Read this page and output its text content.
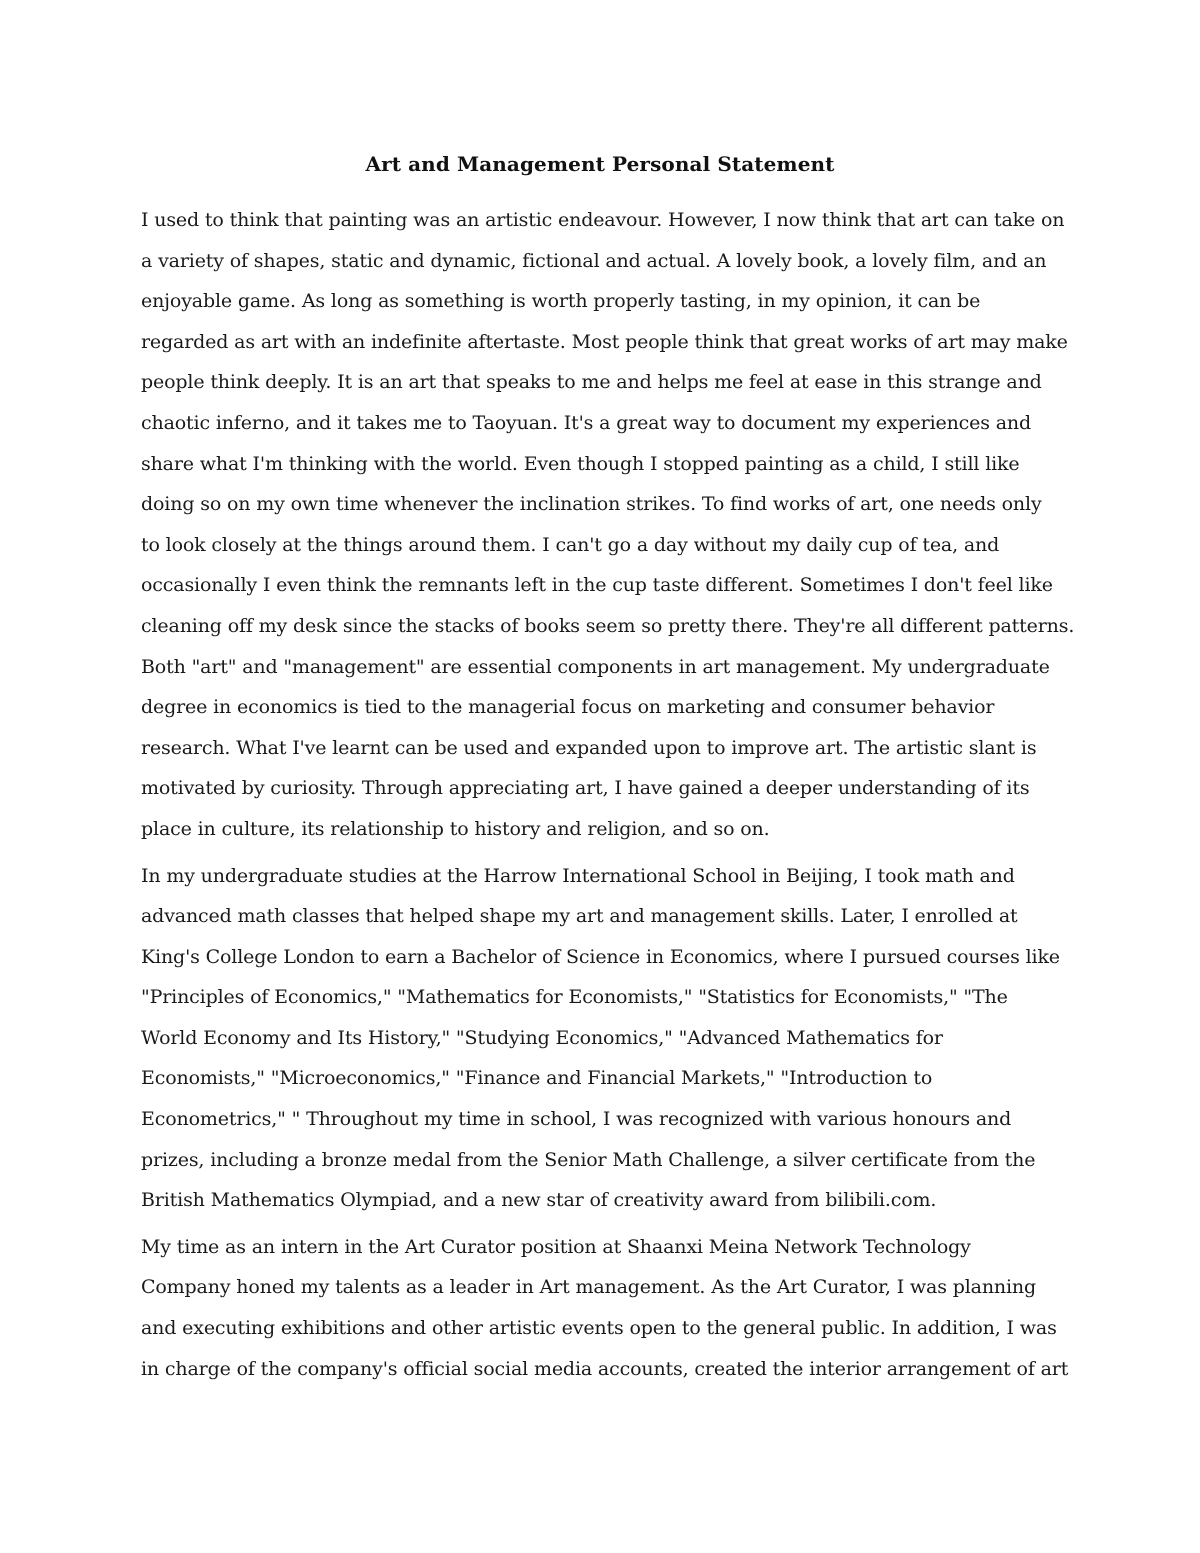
Art and Management Personal Statement

I used to think that painting was an artistic endeavour. However, I now think that art can take on
a variety of shapes, static and dynamic, fictional and actual. A lovely book, a lovely film, and an
enjoyable game. As long as something is worth properly tasting, in my opinion, it can be
regarded as art with an indefinite aftertaste. Most people think that great works of art may make
people think deeply. It is an art that speaks to me and helps me feel at ease in this strange and
chaotic inferno, and it takes me to Taoyuan. It's a great way to document my experiences and
share what I'm thinking with the world. Even though I stopped painting as a child, I still like
doing so on my own time whenever the inclination strikes. To find works of art, one needs only
to look closely at the things around them. I can't go a day without my daily cup of tea, and
occasionally I even think the remnants left in the cup taste different. Sometimes I don't feel like
cleaning off my desk since the stacks of books seem so pretty there. They're all different patterns.
Both "art" and "management" are essential components in art management. My undergraduate
degree in economics is tied to the managerial focus on marketing and consumer behavior
research. What I've learnt can be used and expanded upon to improve art. The artistic slant is
motivated by curiosity. Through appreciating art, I have gained a deeper understanding of its
place in culture, its relationship to history and religion, and so on.

In my undergraduate studies at the Harrow International School in Beijing, I took math and
advanced math classes that helped shape my art and management skills. Later, I enrolled at
King's College London to earn a Bachelor of Science in Economics, where I pursued courses like
"Principles of Economics," "Mathematics for Economists," "Statistics for Economists," "The
World Economy and Its History," "Studying Economics," "Advanced Mathematics for
Economists," "Microeconomics," "Finance and Financial Markets," "Introduction to
Econometrics," " Throughout my time in school, I was recognized with various honours and
prizes, including a bronze medal from the Senior Math Challenge, a silver certificate from the
British Mathematics Olympiad, and a new star of creativity award from bilibili.com.

My time as an intern in the Art Curator position at Shaanxi Meina Network Technology
Company honed my talents as a leader in Art management. As the Art Curator, I was planning
and executing exhibitions and other artistic events open to the general public. In addition, I was
in charge of the company's official social media accounts, created the interior arrangement of art
